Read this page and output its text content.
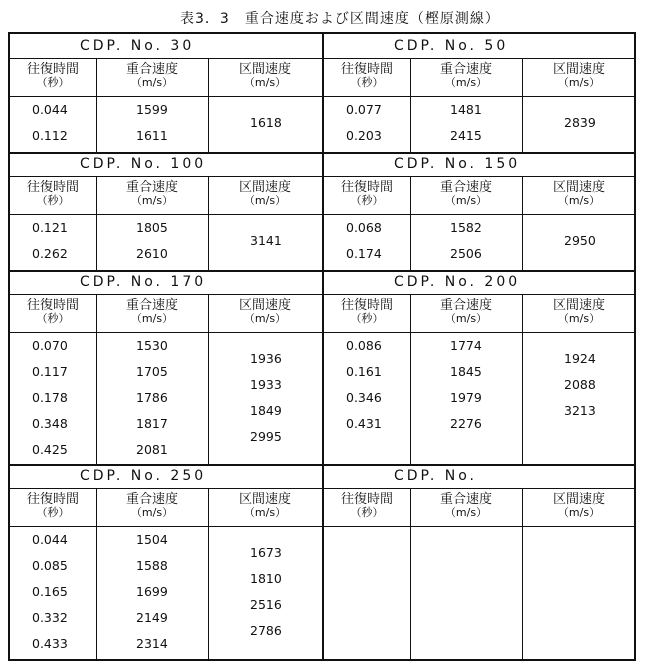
表3．3　重合速度および区間速度（樫原測線）
CDP. No. 30
往復時間
（秒）
重合速度
（m/s）
区間速度
（m/s）
0.044
0.112
1599
1611
1618
CDP. No. 50
往復時間
（秒）
重合速度
（m/s）
区間速度
（m/s）
0.077
0.203
1481
2415
2839
CDP. No. 100
往復時間
（秒）
重合速度
（m/s）
区間速度
（m/s）
0.121
0.262
1805
2610
3141
CDP. No. 150
往復時間
（秒）
重合速度
（m/s）
区間速度
（m/s）
0.068
0.174
1582
2506
2950
CDP. No. 170
往復時間
（秒）
重合速度
（m/s）
区間速度
（m/s）
0.070
0.117
0.178
0.348
0.425
1530
1705
1786
1817
2081
1936
1933
1849
2995
CDP. No. 200
往復時間
（秒）
重合速度
（m/s）
区間速度
（m/s）
0.086
0.161
0.346
0.431
1774
1845
1979
2276
1924
2088
3213
CDP. No. 250
往復時間
（秒）
重合速度
（m/s）
区間速度
（m/s）
0.044
0.085
0.165
0.332
0.433
1504
1588
1699
2149
2314
1673
1810
2516
2786
CDP. No.
往復時間
（秒）
重合速度
（m/s）
区間速度
（m/s）
